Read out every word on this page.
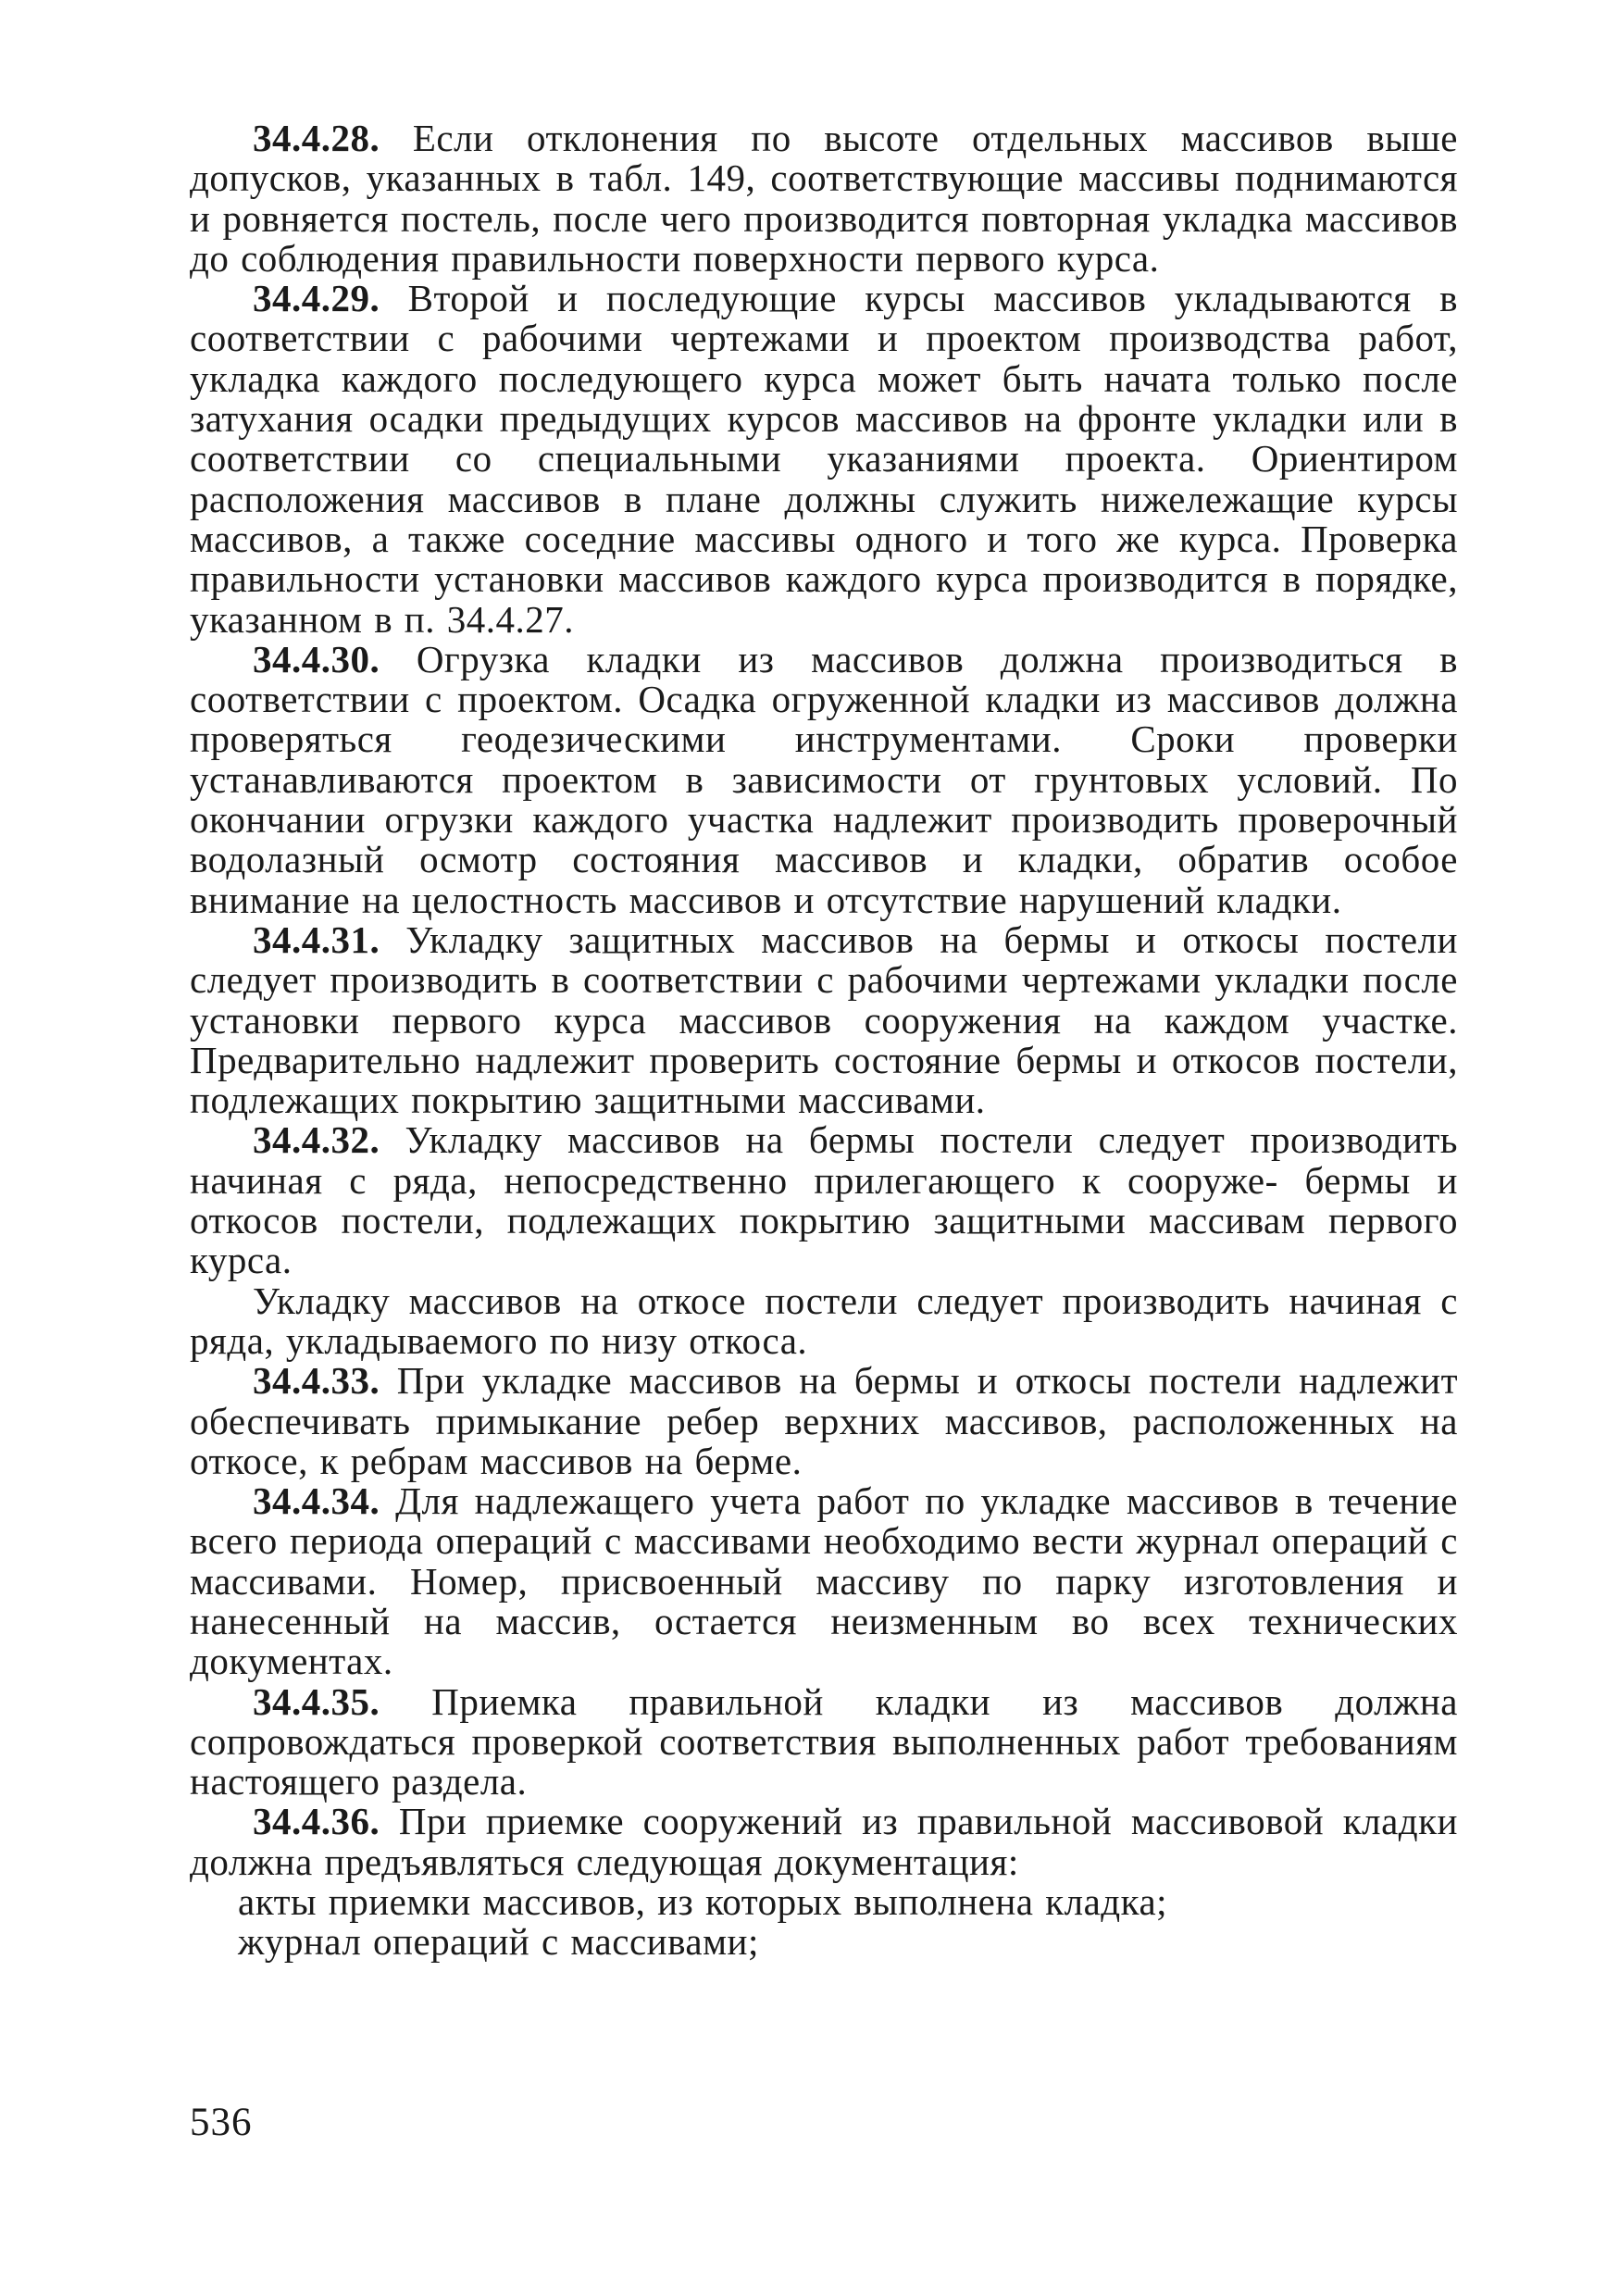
34.4.28. Если отклонения по высоте отдельных массивов выше допусков, указанных в табл. 149, соответствующие массивы поднимаются и ровняется постель, после чего производится повторная укладка массивов до соблюдения правильности поверхности первого курса.

34.4.29. Второй и последующие курсы массивов укладываются в соответствии с рабочими чертежами и проектом производства работ, укладка каждого последующего курса может быть начата только после затухания осадки предыдущих курсов массивов на фронте укладки или в соответствии со специальными указаниями проекта. Ориентиром расположения массивов в плане должны служить нижележащие курсы массивов, а также соседние массивы одного и того же курса. Проверка правильности установки массивов каждого курса производится в порядке, указанном в п. 34.4.27.

34.4.30. Огрузка кладки из массивов должна производиться в соответствии с проектом. Осадка огруженной кладки из массивов должна проверяться геодезическими инструментами. Сроки проверки устанавливаются проектом в зависимости от грунтовых условий. По окончании огрузки каждого участка надлежит производить проверочный водолазный осмотр состояния массивов и кладки, обратив особое внимание на целостность массивов и отсутствие нарушений кладки.

34.4.31. Укладку защитных массивов на бермы и откосы постели следует производить в соответствии с рабочими чертежами укладки после установки первого курса массивов сооружения на каждом участке. Предварительно надлежит проверить состояние бермы и откосов постели, подлежащих покрытию защитными массивами.

34.4.32. Укладку массивов на бермы постели следует производить начиная с ряда, непосредственно прилегающего к сооруже- бермы и откосов постели, подлежащих покрытию защитными массивам первого курса.

Укладку массивов на откосе постели следует производить начиная с ряда, укладываемого по низу откоса.

34.4.33. При укладке массивов на бермы и откосы постели надлежит обеспечивать примыкание ребер верхних массивов, расположенных на откосе, к ребрам массивов на берме.

34.4.34. Для надлежащего учета работ по укладке массивов в течение всего периода операций с массивами необходимо вести журнал операций с массивами. Номер, присвоенный массиву по парку изготовления и нанесенный на массив, остается неизменным во всех технических документах.

34.4.35. Приемка правильной кладки из массивов должна сопровождаться проверкой соответствия выполненных работ требованиям настоящего раздела.

34.4.36. При приемке сооружений из правильной массивовой кладки должна предъявляться следующая документация:

акты приемки массивов, из которых выполнена кладка;

журнал операций с массивами;

536
